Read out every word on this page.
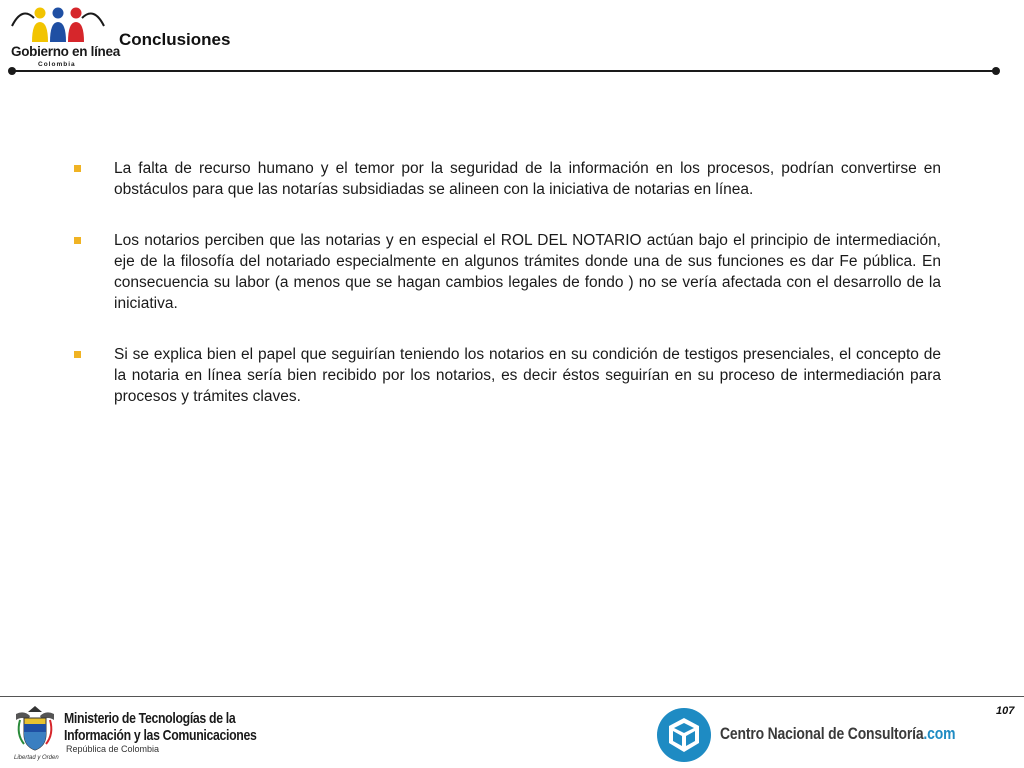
Gobierno en línea
Colombia
Conclusiones
La falta de recurso humano y el temor por la seguridad de la información en los procesos, podrían convertirse en obstáculos para que las notarías subsidiadas se alineen con la iniciativa de notarias en línea.
Los notarios perciben que las notarias y en especial el ROL DEL NOTARIO actúan bajo el principio de intermediación, eje de la filosofía del notariado especialmente en algunos trámites donde una de sus funciones es dar Fe pública. En consecuencia su labor (a menos que se hagan cambios legales de fondo ) no se vería afectada con el desarrollo de la iniciativa.
Si se explica bien el papel que seguirían teniendo los notarios en su condición de testigos presenciales, el concepto de la notaria en línea sería bien recibido por los notarios, es decir éstos seguirían en su proceso de intermediación para procesos y trámites claves.
107
Libertad y Orden
Ministerio de Tecnologías de la
Información y las Comunicaciones
República de Colombia
Centro Nacional de Consultoría.com
